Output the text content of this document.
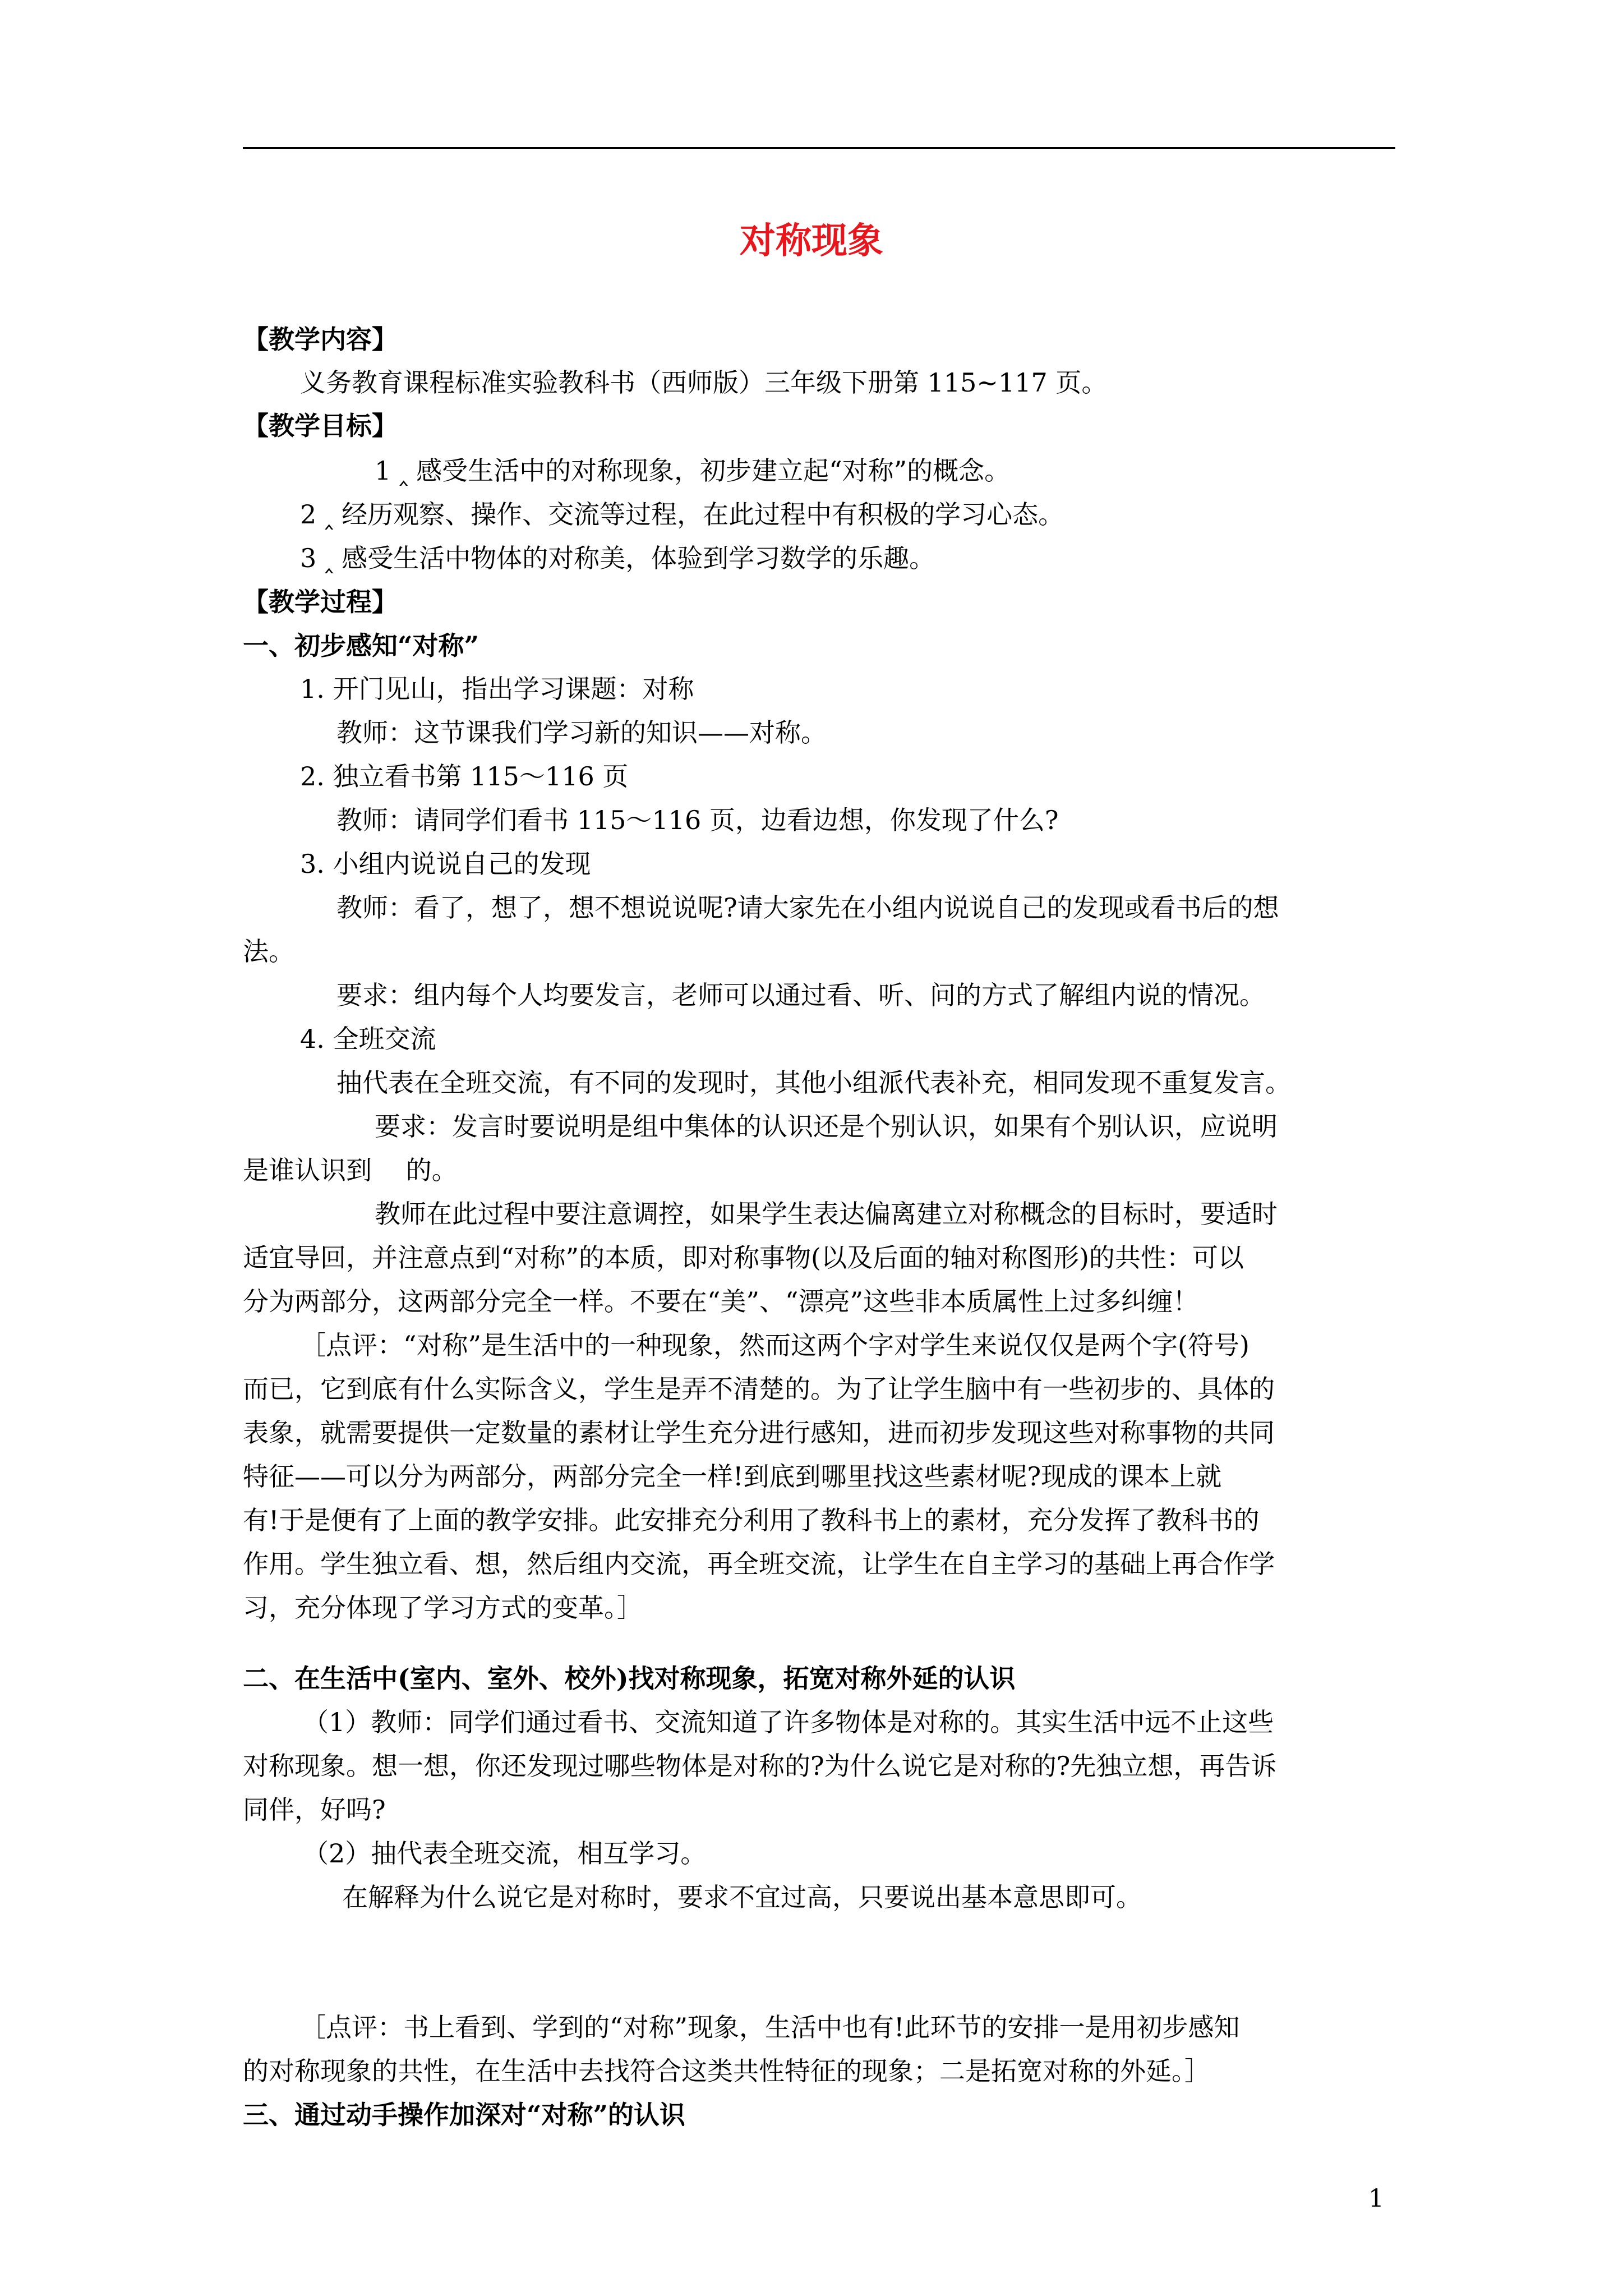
对称现象
【教学内容】
义务教育课程标准实验教科书（西师版）三年级下册第 115~117 页。
【教学目标】
1 ‸ 感受生活中的对称现象，初步建立起“对称”的概念。
2 ‸ 经历观察、操作、交流等过程，在此过程中有积极的学习心态。
3 ‸ 感受生活中物体的对称美，体验到学习数学的乐趣。
【教学过程】
一、初步感知“对称”
1. 开门见山，指出学习课题：对称
教师：这节课我们学习新的知识——对称。
2. 独立看书第 115～116 页
教师：请同学们看书 115～116 页，边看边想，你发现了什么?
3. 小组内说说自己的发现
教师：看了，想了，想不想说说呢?请大家先在小组内说说自己的发现或看书后的想
法。
要求：组内每个人均要发言，老师可以通过看、听、问的方式了解组内说的情况。
4. 全班交流
抽代表在全班交流，有不同的发现时，其他小组派代表补充，相同发现不重复发言。
要求：发言时要说明是组中集体的认识还是个别认识，如果有个别认识，应说明
是谁认识到　 的。
教师在此过程中要注意调控，如果学生表达偏离建立对称概念的目标时，要适时
适宜导回，并注意点到“对称”的本质，即对称事物(以及后面的轴对称图形)的共性：可以
分为两部分，这两部分完全一样。不要在“美”、“漂亮”这些非本质属性上过多纠缠！
［点评：“对称”是生活中的一种现象，然而这两个字对学生来说仅仅是两个字(符号)
而已，它到底有什么实际含义，学生是弄不清楚的。为了让学生脑中有一些初步的、具体的
表象，就需要提供一定数量的素材让学生充分进行感知，进而初步发现这些对称事物的共同
特征——可以分为两部分，两部分完全一样!到底到哪里找这些素材呢?现成的课本上就
有!于是便有了上面的教学安排。此安排充分利用了教科书上的素材，充分发挥了教科书的
作用。学生独立看、想，然后组内交流，再全班交流，让学生在自主学习的基础上再合作学
习，充分体现了学习方式的变革。］
二、在生活中(室内、室外、校外)找对称现象，拓宽对称外延的认识
（1）教师：同学们通过看书、交流知道了许多物体是对称的。其实生活中远不止这些
对称现象。想一想，你还发现过哪些物体是对称的?为什么说它是对称的?先独立想，再告诉
同伴，好吗?
（2）抽代表全班交流，相互学习。
在解释为什么说它是对称时，要求不宜过高，只要说出基本意思即可。
［点评：书上看到、学到的“对称”现象，生活中也有!此环节的安排一是用初步感知
的对称现象的共性，在生活中去找符合这类共性特征的现象；二是拓宽对称的外延。］
三、通过动手操作加深对“对称”的认识
1
